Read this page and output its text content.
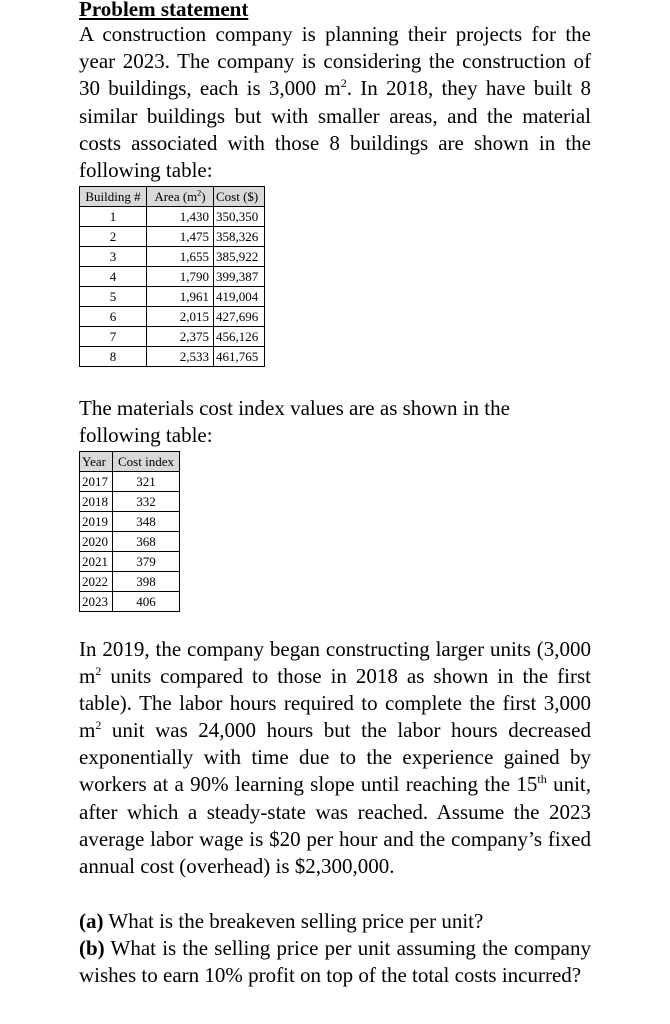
Problem statement

A construction company is planning their projects for the year 2023. The company is considering the construction of 30 buildings, each is 3,000 $m^2$. In 2018, they have built 8 similar buildings but with smaller areas, and the material costs associated with those 8 buildings are shown in the following table:

Building #	Area $(m^2)$	Cost ($)
1	1,430	350,350
2	1,475	358,326
3	1,655	385,922
4	1,790	399,387
5	1,961	419,004
6	2,015	427,696
7	2,375	456,126
8	2,533	461,765

The materials cost index values are as shown in the following table:

Year	Cost index
2017	321
2018	332
2019	348
2020	368
2021	379
2022	398
2023	406

In 2019, the company began constructing larger units (3,000 $m^2$ units compared to those in 2018 as shown in the first table). The labor hours required to complete the first 3,000 $m^2$ unit was 24,000 hours but the labor hours decreased exponentially with time due to the experience gained by workers at a 90% learning slope until reaching the 15th unit, after which a steady-state was reached. Assume the 2023 average labor wage is $20 per hour and the company’s fixed annual cost (overhead) is $2,300,000.

(a) What is the breakeven selling price per unit?

(b) What is the selling price per unit assuming the company wishes to earn 10% profit on top of the total costs incurred?
